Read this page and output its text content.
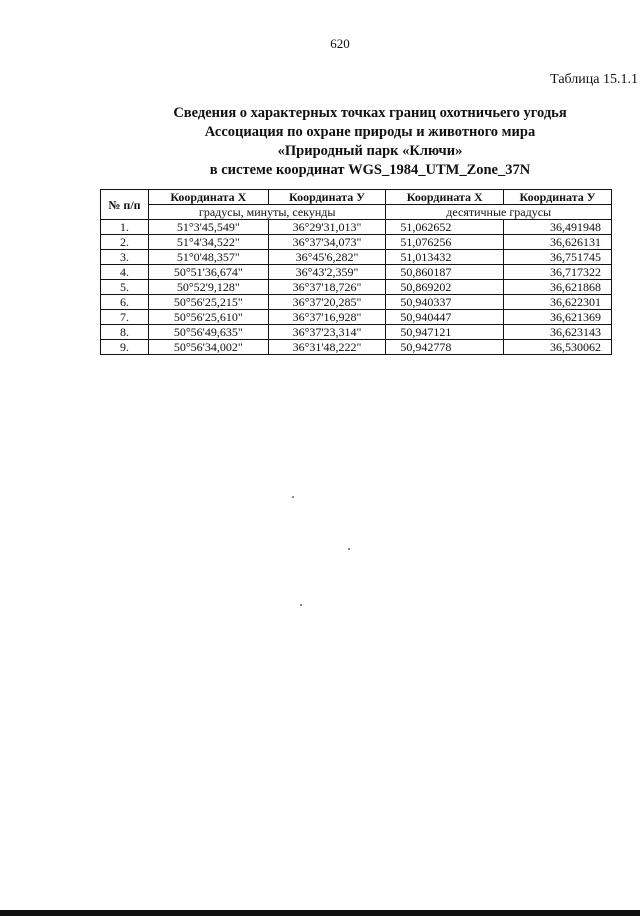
620
Таблица 15.1.1
Сведения о характерных точках границ охотничьего угодья
Ассоциация по охране природы и животного мира
«Природный парк «Ключи»
в системе координат WGS_1984_UTM_Zone_37N
№ п/п	Координата X	Координата У	Координата X	Координата У
	градусы, минуты, секунды		десятичные градусы	
1.	51°3'45,549"	36°29'31,013"	51,062652	36,491948
2.	51°4'34,522"	36°37'34,073"	51,076256	36,626131
3.	51°0'48,357"	36°45'6,282"	51,013432	36,751745
4.	50°51'36,674"	36°43'2,359"	50,860187	36,717322
5.	50°52'9,128"	36°37'18,726"	50,869202	36,621868
6.	50°56'25,215"	36°37'20,285"	50,940337	36,622301
7.	50°56'25,610"	36°37'16,928"	50,940447	36,621369
8.	50°56'49,635"	36°37'23,314"	50,947121	36,623143
9.	50°56'34,002"	36°31'48,222"	50,942778	36,530062
